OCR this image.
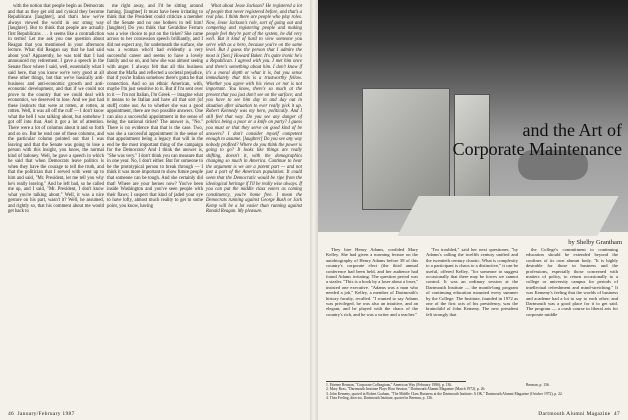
with the notion that people begin as Democrats and that as they get old and cynical they become Republicans [laughter], and that's how we've always viewed the world in our smug way [laughter]. But to think that people are actually first Republicans . . . it seems like a contradiction in terms! Let me ask you one question about Reagan that you mentioned in your afternoon lecture. What did Reagan say that he had said about you? Apparently, he was told that I had announced my retirement. I gave a speech in the Senate floor where I said, well, essentially what I said here, that you know we're very good at all these other things, but that we've basically anti-business and anti-economic growth and anti-economic development, and that if we could not prove to the country that we could deal with economics, we deserved to lose. And we just had these instincts that were at rotten, at rotten, at rotten. Well, it was all off the cuff — I don't know what the hell I was talking about, but somehow I got off into that. And it got a lot of attention. There were a lot of columns about it and so forth and so on. But he read one of these columns, and the particular column pointed out that I was leaving and that the Senate was going to lose a person with this insight, you know, the normal kind of baloney. Well, he gave a speech in which he said that when Democrats leave politics is when they have the courage to tell the truth, and that the politician that I served with went up to him and said, "Mr. President, let me tell you why he's really leaving." And he left bad, so he called me up, and I said, "Mr. President, I don't know what you're talking about." Well, it was a nice gesture on his part, wasn't it? Well, he assumed, and rightly so, that his comment about me would get back to

me right away, and I'd be sitting around fuming. [laughter] It must have been irritating to think that the President could criticize a member of the Senate and no one bothers to tell him! [laughter] Do you think that Geraldine Ferraro was a wise choice to put on the ticket? She came across to her concession speech brilliantly, and I did not expect any, for underneath the surface, she was a woman who'd had evidently a very successful career and seems to have a lovely family and so on, and how she was almost seeing with anger. I always felt that all this business about the Mafia and reflected a societal prejudice, that if you're Italian somehow there's gotta be that connection. And so an ethnic American, with, maybe I'm just sensitive to it. But if I'm sent over to it — I'm not Italian, I'm Greek — imagine what it means to be Italian and have all that sort [of stuff] come out. As to whether she was a good appointment, there are two possible answers. One can also a successful appointment in the sense of being the national ticket? The answer is, "No." There is no evidence that that is the case. Two, was she a successful appointment in the sense of that appointment being a legacy that will in the end be the most important thing of the campaign for the Democrats? And I think the answer is, "She was very." I don't think you can measure that in one year. No, I don't either. But for someone to be the prototypical person to break through — I think it was more important to show future people that someone can be tough. And she certainly did that! Where are your heroes now? You've been inside Washington and you've seen people with their flaws; I suspect that kind of jaded your eye to have lofty, almost much reality to get to some point, you know, having

What about Jesse Jackson? He registered a lot of people that never registered before, and that's a real plus. I think there are people who play roles. Now, Jesse Jackson's role, sort of going out and competing and registering people and making people feel they're part of the system, he did very well. But it kind of hard to view someone you serve with as a hero, because you're on the same level. But I guess the person that I admire the most is [Sen.] Howard Baker. It's quite ironic he's a Republican. I agreed with you. I met him once and there's something about him. I don't know if it's a moral depth or what it is, but you sense immediately that this is a trustworthy fellow. Whether you agree with his views or not is not important. You know, there's so much at the present that you just don't see on the surface; and you have to see him day in and day out in situation after situation to ever really pick it up. Robert Kennedy was my hero, politically. And I still feel that way. Do you see any danger of politics being a poor or a knife on party? I guess you must or that they serve on good kind of be answers? I don't consider myself competent enough to assume. [laughter] Do you see any way nobody profited? Where do you think the power is going to go? It looks like things are really shifting, doesn't it, with the demographics changing so much in America. Continue to hear the argument is we are a potent part — and not just a part of the American population. It could seem that the Democratic would be ripe from the ideological heritage if I'll be really wise always. If you can put the middle class voters as coming constituency, you're home free. I mean the Democrats running against George Bush or Jack Kemp will be a lot easier than running against Ronald Reagan. My pleasure.

46 January/February 1987
and the Art of
Corporate Maintenance
by Shelby Grantham

They hire Henry Adams, confided Mary Kelley. She had given a morning lecture on the autobiography of Henry Adams before 38 of this country's corporate elect (the third annual conference had been held, and her audience had found Adams irritating. The question period was a sizzler. "This is a book by a loser about a loser," insisted one executive. "Adams was a man who needed a job," Kelley, a member of Dartmouth's history faculty, recalled. "I wanted to say Adams was privileged, he was also an intuitive, and an elegant, and he played with the chaos of the country's rich, and he was a writer and a teacher."

"I'm troubled," said her next questioner, "by Adams's calling the twelfth century unified and the twentieth century chaotic. What is complexity to a participant is chaos to a distinctive," it can be useful, offered Kelley, "for someone to suggest occasionally that there may be forces we cannot control. It was an ordinary session at the Dartmouth Institute — the month-long program of continuing education mounted every summer by the College. The Institute, founded in 1972 as one of the first acts of his presidency, was the brainchild of John Kemeny. The new president felt strongly that

the College's commitment to continuing education should be extended beyond the confines of its own alumni body. "It is highly desirable for those in business and the professions, especially those concerned with matters of policy, to return occasionally to a college or university campus for periods of intellectual refreshment and mind-stretching." It was Kemeny's feeling that the worlds of business and academe had a lot to say to each other; and Dartmouth was a good place for it to get said. The program — a crash course in liberal arts for corporate middle

1. Etienne Berman, "Corporate Colleagians," American Way (February 1986), p. 136.
2. Mary Ross, "Dartmouth Institute Plays Host Session," Dartmouth Alumni Magazine (March 1972), p. 26.
3. John Kemeny, quoted in Robert Graham, "The Middle Class Business at the Dartmouth Institute: A OK," Dartmouth Alumni Magazine (October 1972), p. 22.
4. Thea Freling, director, Dartmouth Institute, quoted in Berman, p. 136.
Berman, p. 136.
Dartmouth Alumni Magazine 47
